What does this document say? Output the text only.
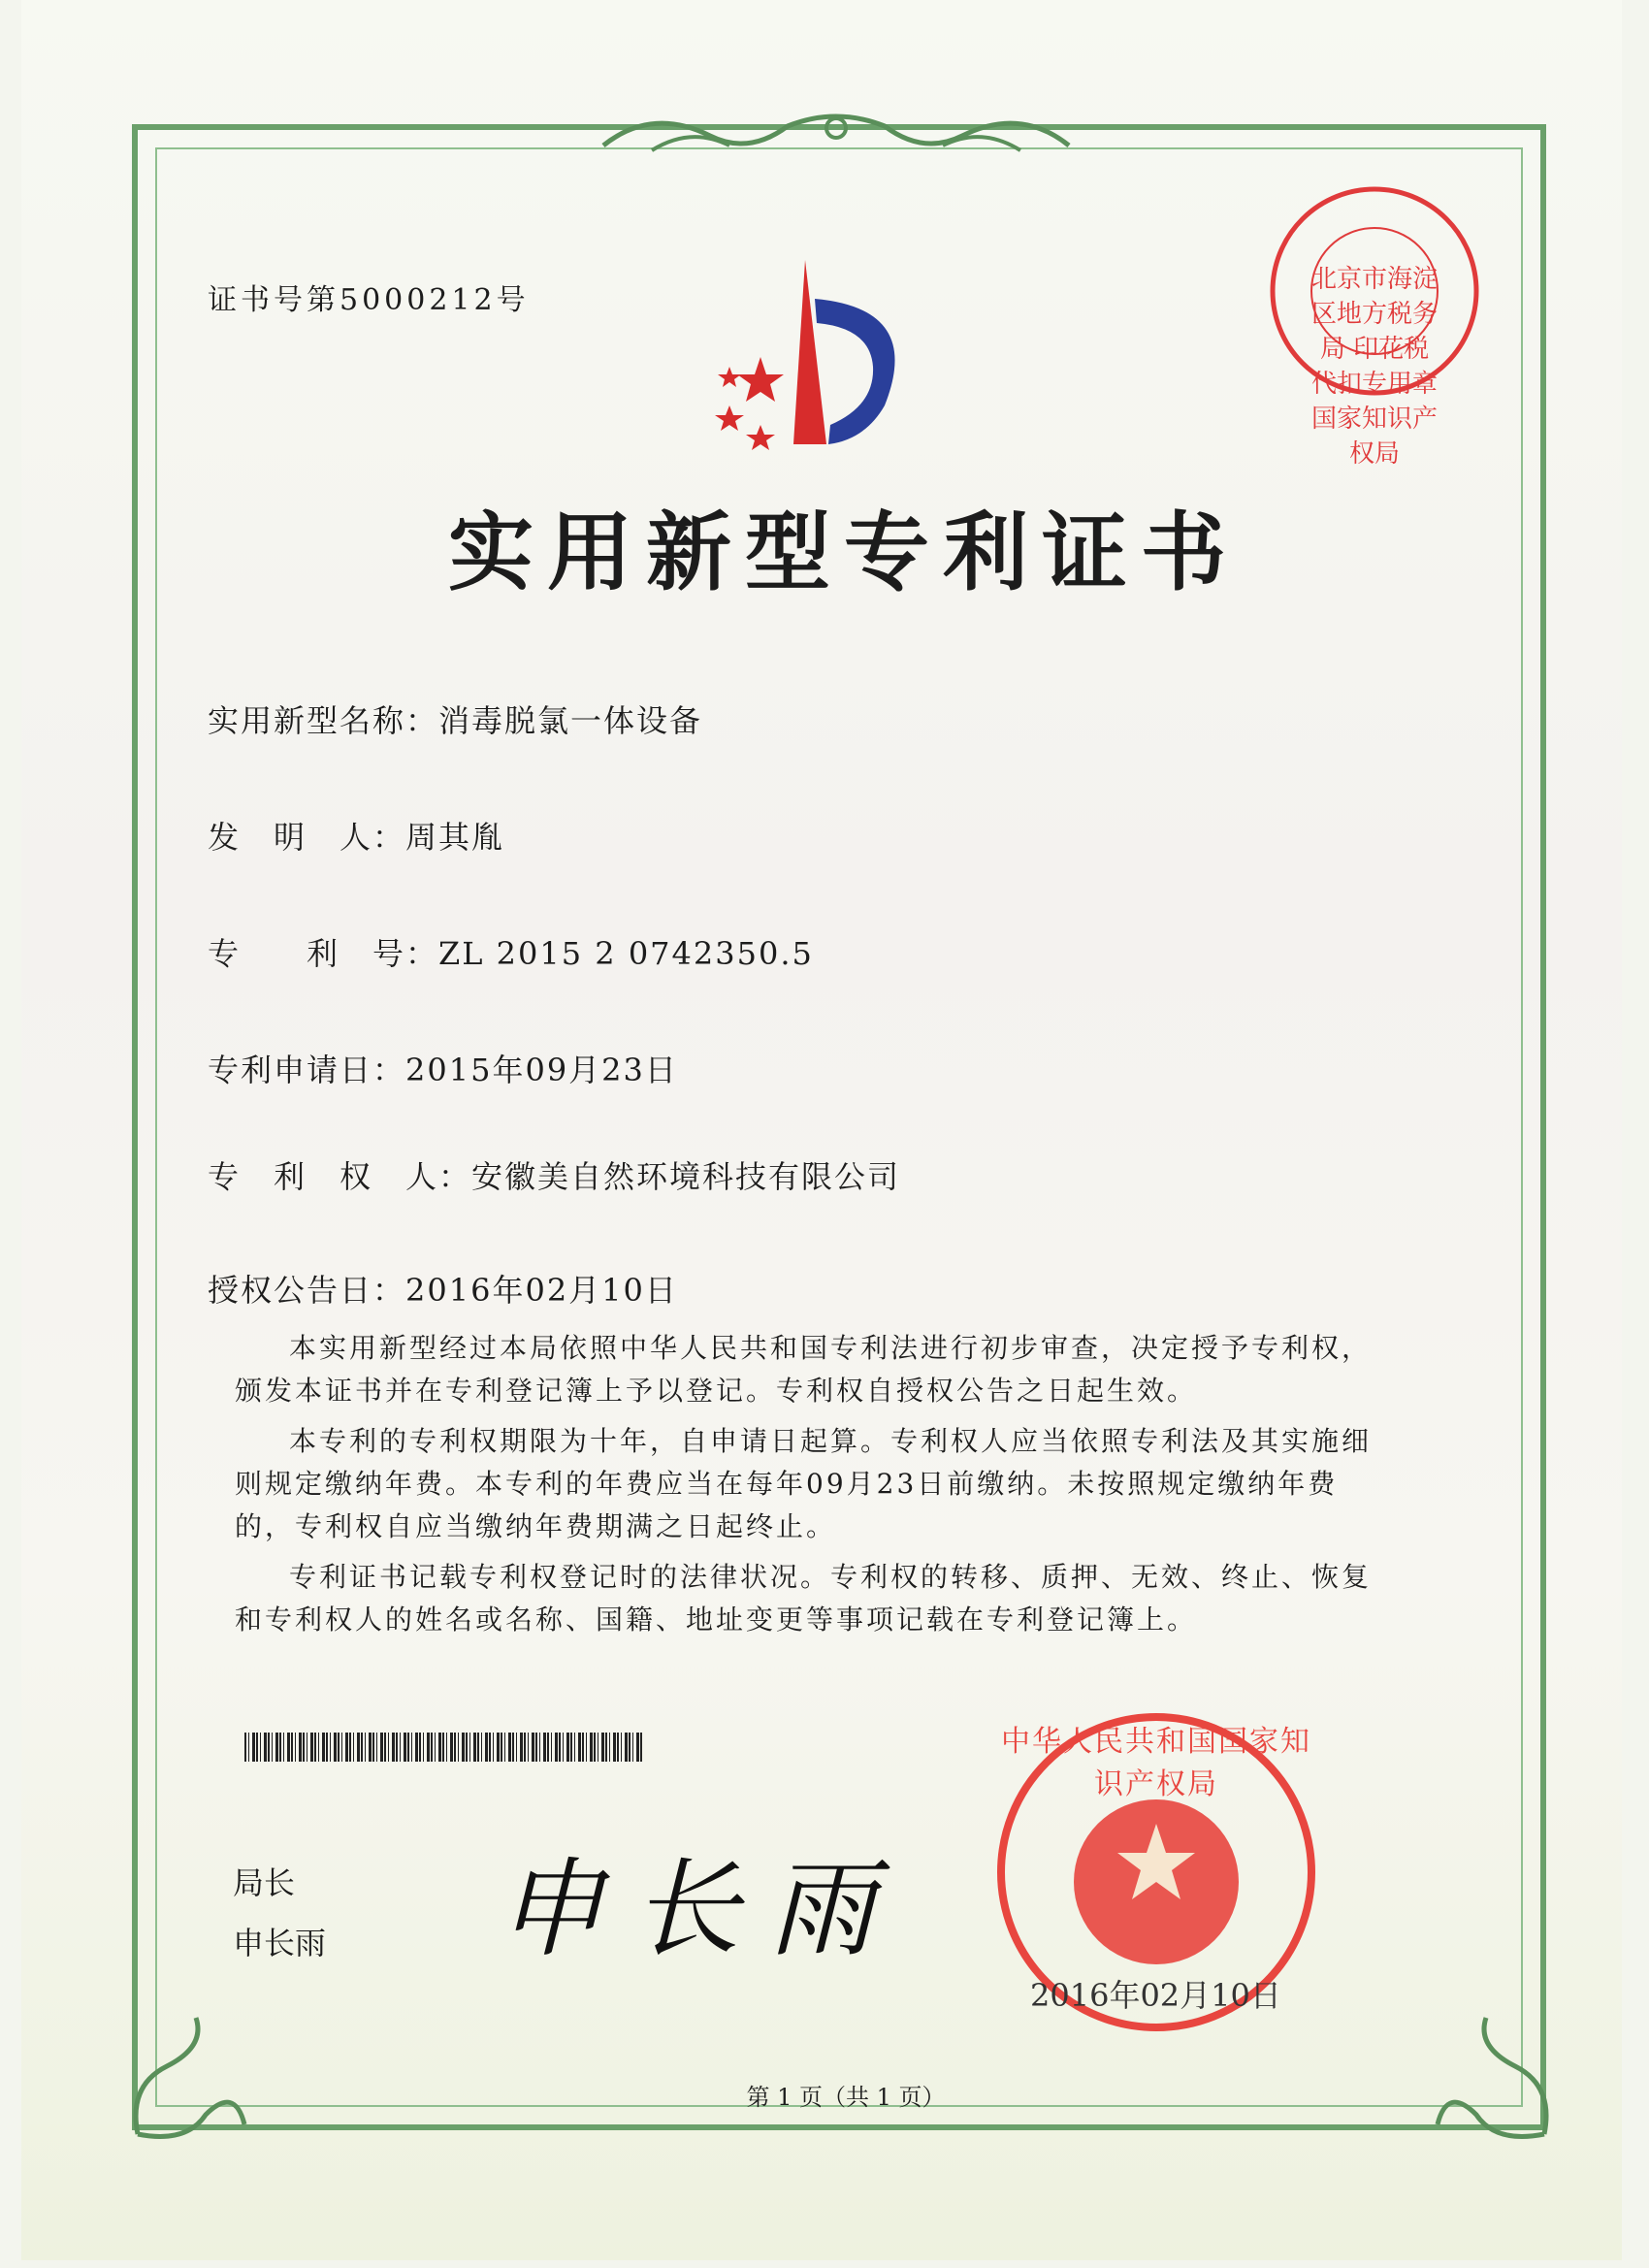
北京市海淀区地方税务局 印花税 代扣专用章 国家知识产权局
证书号第5000212号
实用新型专利证书
实用新型名称：消毒脱氯一体设备
发　明　人：周其胤
专　　利　号：ZL 2015 2 0742350.5
专利申请日：2015年09月23日
专　利　权　人：安徽美自然环境科技有限公司
授权公告日：2016年02月10日

本实用新型经过本局依照中华人民共和国专利法进行初步审查，决定授予专利权，颁发本证书并在专利登记簿上予以登记。专利权自授权公告之日起生效。

本专利的专利权期限为十年，自申请日起算。专利权人应当依照专利法及其实施细则规定缴纳年费。本专利的年费应当在每年09月23日前缴纳。未按照规定缴纳年费的，专利权自应当缴纳年费期满之日起终止。

专利证书记载专利权登记时的法律状况。专利权的转移、质押、无效、终止、恢复和专利权人的姓名或名称、国籍、地址变更等事项记载在专利登记簿上。

局长
申长雨 申长雨
中华人民共和国国家知识产权局
2016年02月10日
第 1 页（共 1 页）
